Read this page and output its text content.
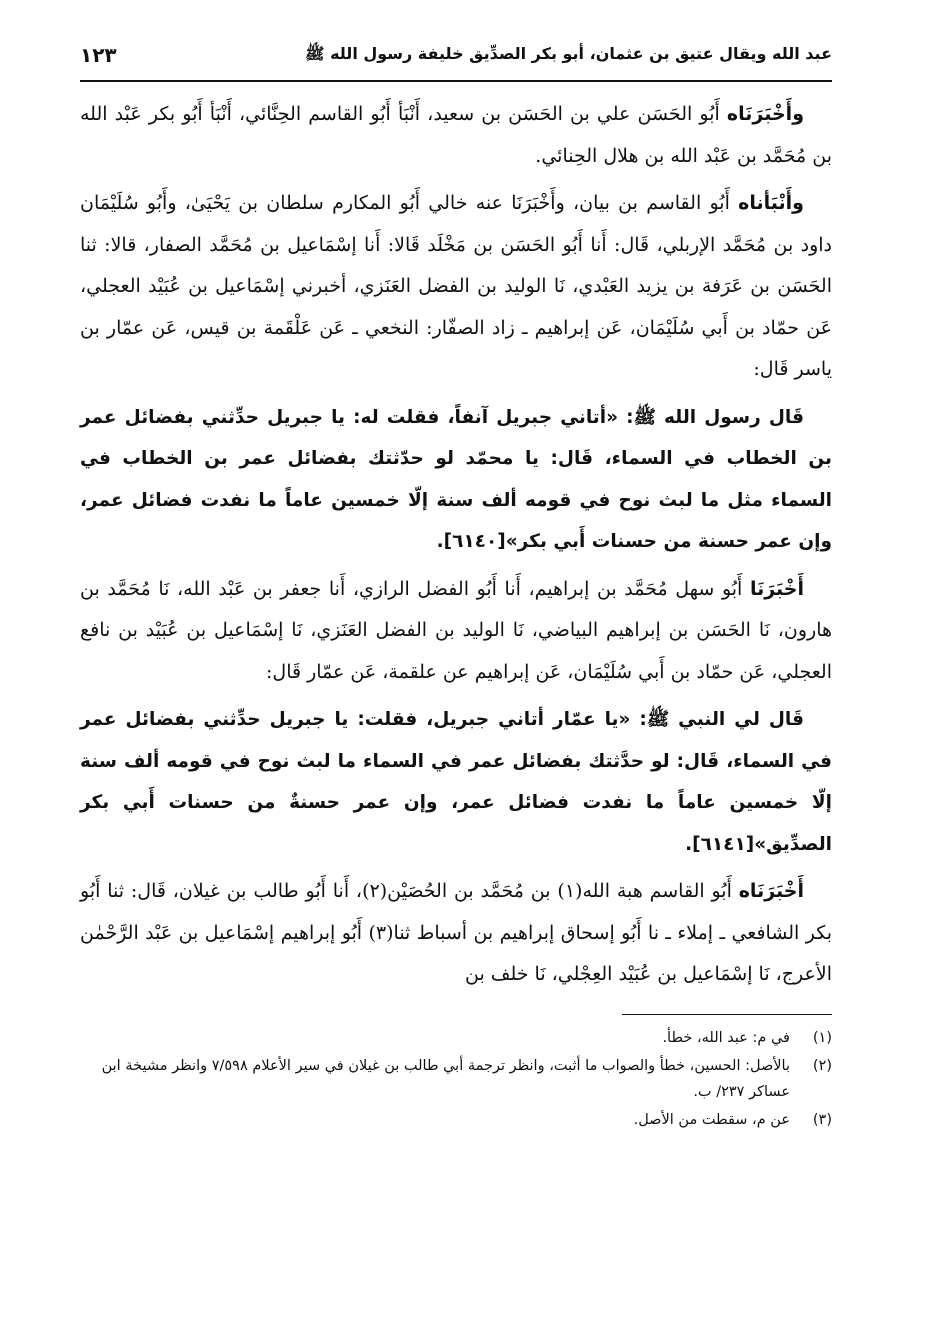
عبد الله ويقال عتيق بن عثمان، أبو بكر الصدِّيق خليفة رسول الله ﷺ
١٢٣

وأَخْبَرَنَاه أَبُو الحَسَن علي بن الحَسَن بن سعيد، أَنْبَأ أَبُو القاسم الحِنَّائي، أَنْبَأ أَبُو بكر عَبْد الله بن مُحَمَّد بن عَبْد الله بن هلال الحِنائي.

وأَنْبَأناه أَبُو القاسم بن بيان، وأَخْبَرَنَا عنه خالي أَبُو المكارم سلطان بن يَحْيَىٰ، وأَبُو سُلَيْمَان داود بن مُحَمَّد الإربلي، قَال: أَنا أَبُو الحَسَن بن مَخْلَد قَالا: أَنا إسْمَاعيل بن مُحَمَّد الصفار، قالا: ثنا الحَسَن بن عَرَفة بن يزيد العَبْدي، نَا الوليد بن الفضل العَنَزي، أخبرني إسْمَاعيل بن عُبَيْد العجلي، عَن حمّاد بن أَبي سُلَيْمَان، عَن إبراهيم ـ زاد الصفّار: النخعي ـ عَن عَلْقَمة بن قيس، عَن عمّار بن ياسر قَال:

قَال رسول الله ﷺ: «أتاني جبريل آنفاً، فقلت له: يا جبريل حدِّثني بفضائل عمر بن الخطاب في السماء، قَال: يا محمّد لو حدّثتك بفضائل عمر بن الخطاب في السماء مثل ما لبث نوح في قومه ألف سنة إلّا خمسين عاماً ما نفدت فضائل عمر، وإن عمر حسنة من حسنات أَبي بكر»[٦١٤٠].

أَخْبَرَنَا أَبُو سهل مُحَمَّد بن إبراهيم، أَنا أَبُو الفضل الرازي، أَنا جعفر بن عَبْد الله، نَا مُحَمَّد بن هارون، نَا الحَسَن بن إبراهيم البياضي، نَا الوليد بن الفضل العَنَزي، نَا إسْمَاعيل بن عُبَيْد بن نافع العجلي، عَن حمّاد بن أَبي سُلَيْمَان، عَن إبراهيم عن علقمة، عَن عمّار قَال:

قَال لي النبي ﷺ: «يا عمّار أتاني جبريل، فقلت: يا جبريل حدِّثني بفضائل عمر في السماء، قَال: لو حدَّثتك بفضائل عمر في السماء ما لبث نوح في قومه ألف سنة إلّا خمسين عاماً ما نفدت فضائل عمر، وإن عمر حسنةٌ من حسنات أَبي بكر الصدِّيق»[٦١٤١].

أَخْبَرَنَاه أَبُو القاسم هبة الله(١) بن مُحَمَّد بن الحُصَيْن(٢)، أَنا أَبُو طالب بن غيلان، قَال: ثنا أَبُو بكر الشافعي ـ إملاء ـ نا أَبُو إسحاق إبراهيم بن أسباط ثنا(٣) أَبُو إبراهيم إسْمَاعيل بن عَبْد الرَّحْمٰن الأعرج، نَا إسْمَاعيل بن عُبَيْد العِجْلي، نَا خلف بن

(١)
في م: عبد الله، خطأ.
(٢)
بالأصل: الحسين، خطأ والصواب ما أثبت، وانظر ترجمة أبي طالب بن غيلان في سير الأعلام ٧/٥٩٨ وانظر مشيخة ابن عساكر ٢٣٧/ ب.
(٣)
عن م، سقطت من الأصل.
